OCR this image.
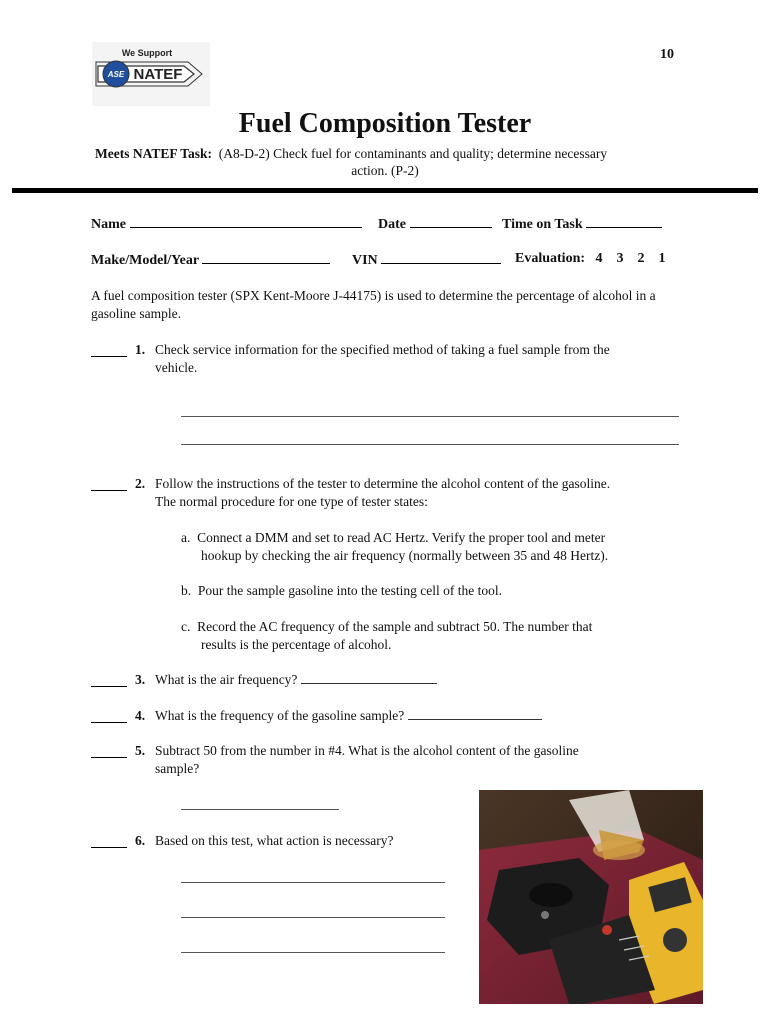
We Support
ASE NATEF
10
Fuel Composition Tester
Meets NATEF Task: (A8-D-2) Check fuel for contaminants and quality; determine necessary
action. (P-2)
Name	Date	Time on Task
Make/Model/Year	VIN	Evaluation: 4 3 2 1
A fuel composition tester (SPX Kent-Moore J-44175) is used to determine the percentage of alcohol in a gasoline sample.
1. Check service information for the specified method of taking a fuel sample from the
vehicle.
2. Follow the instructions of the tester to determine the alcohol content of the gasoline.
The normal procedure for one type of tester states:
a. Connect a DMM and set to read AC Hertz. Verify the proper tool and meter
hookup by checking the air frequency (normally between 35 and 48 Hertz).
b. Pour the sample gasoline into the testing cell of the tool.
c. Record the AC frequency of the sample and subtract 50. The number that
results is the percentage of alcohol.
3. What is the air frequency?
4. What is the frequency of the gasoline sample?
5. Subtract 50 from the number in #4. What is the alcohol content of the gasoline
sample?
6. Based on this test, what action is necessary?
